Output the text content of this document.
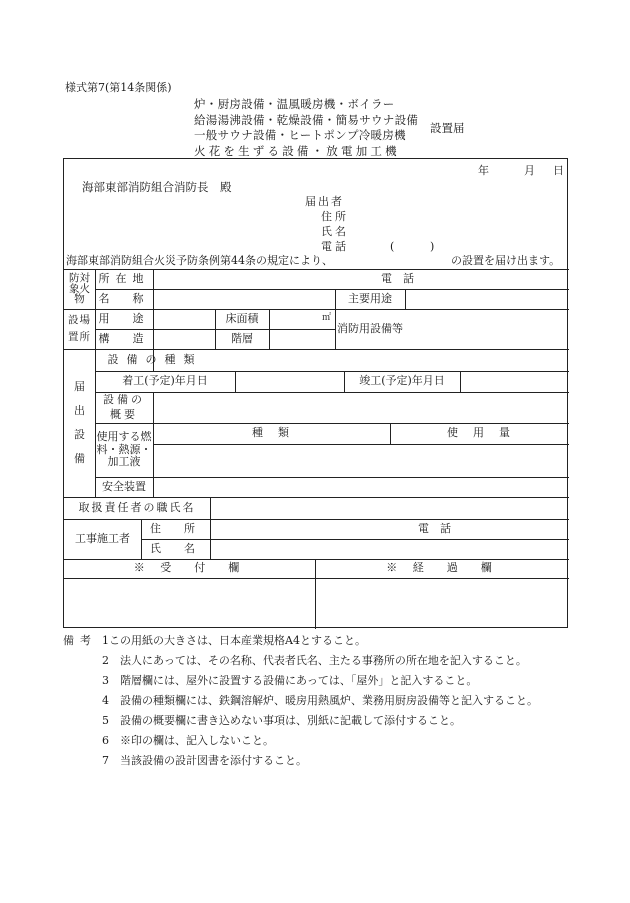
様式第7(第14条関係)
炉・厨房設備・温風暖房機・ボイラー
給湯湯沸設備・乾燥設備・簡易サウナ設備
一般サウナ設備・ヒートポンプ冷暖房機
火花を生ずる設備・放電加工機
設置届
年	月 日
海部東部消防組合消防長　殿
届出者
住所
氏名
電話	(	)
海部東部消防組合火災予防条例第44条の規定により、	の設置を届け出ます。
防対象火物
所在地	電　話
名　称	主要用途
設場置所
用　途	床面積	㎡
消防用設備等
構　造	階層
届出設備
設備の種類
着工(予定)年月日	竣工(予定)年月日
設備の概要
使用する燃料・熱源・加工液
種　類	使　用　量
安全装置
取扱責任者の職氏名
工事施工者
住　所	電　話
氏　名
※ 受　付　欄	※ 経　過　欄
備考 1この用紙の大きさは、日本産業規格A4とすること。
2　法人にあっては、その名称、代表者氏名、主たる事務所の所在地を記入すること。
3　階層欄には、屋外に設置する設備にあっては、「屋外」と記入すること。
4　設備の種類欄には、鉄鋼溶解炉、暖房用熱風炉、業務用厨房設備等と記入すること。
5　設備の概要欄に書き込めない事項は、別紙に記載して添付すること。
6　※印の欄は、記入しないこと。
7　当該設備の設計図書を添付すること。
